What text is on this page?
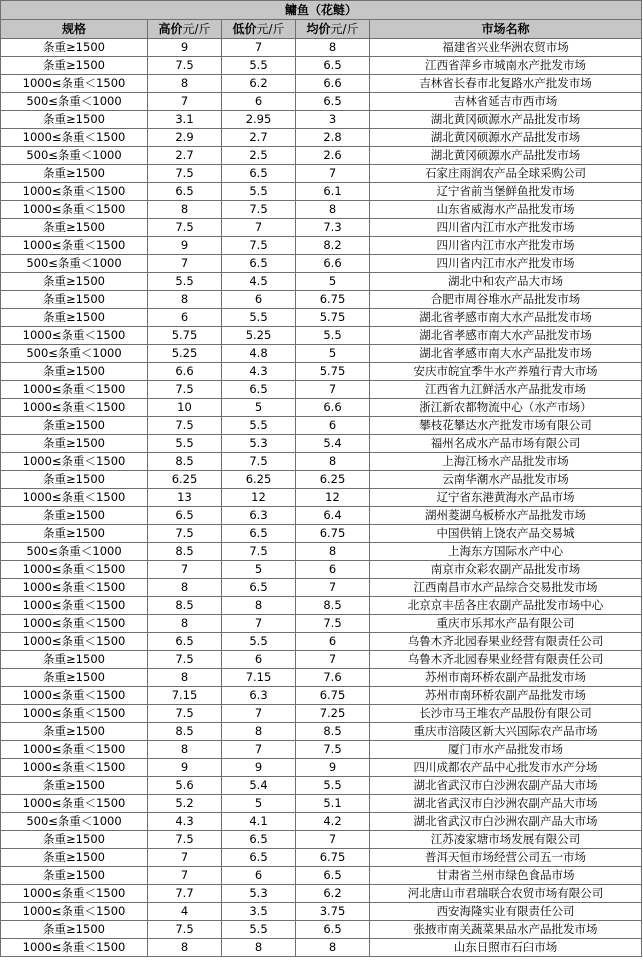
鳙鱼（花鲢）				
规格	高价元/斤	低价元/斤	均价元/斤	市场名称
条重≥1500	9	7	8	福建省兴业华洲农贸市场
条重≥1500	7.5	5.5	6.5	江西省萍乡市城南水产批发市场
1000≤条重＜1500	8	6.2	6.6	吉林省长春市北复路水产批发市场
500≤条重＜1000	7	6	6.5	吉林省延吉市西市场
条重≥1500	3.1	2.95	3	湖北黄冈硕源水产品批发市场
1000≤条重＜1500	2.9	2.7	2.8	湖北黄冈硕源水产品批发市场
500≤条重＜1000	2.7	2.5	2.6	湖北黄冈硕源水产品批发市场
条重≥1500	7.5	6.5	7	石家庄雨润农产品全球采购公司
1000≤条重＜1500	6.5	5.5	6.1	辽宁省前当堡鲜鱼批发市场
1000≤条重＜1500	8	7.5	8	山东省威海水产品批发市场
条重≥1500	7.5	7	7.3	四川省内江市水产批发市场
1000≤条重＜1500	9	7.5	8.2	四川省内江市水产批发市场
500≤条重＜1000	7	6.5	6.6	四川省内江市水产批发市场
条重≥1500	5.5	4.5	5	湖北中和农产品大市场
条重≥1500	8	6	6.75	合肥市周谷堆水产品批发市场
条重≥1500	6	5.5	5.75	湖北省孝感市南大水产品批发市场
1000≤条重＜1500	5.75	5.25	5.5	湖北省孝感市南大水产品批发市场
500≤条重＜1000	5.25	4.8	5	湖北省孝感市南大水产品批发市场
条重≥1500	6.6	4.3	5.75	安庆市皖宜季牛水产养殖行青大市场
1000≤条重＜1500	7.5	6.5	7	江西省九江鲜活水产品批发市场
1000≤条重＜1500	10	5	6.6	浙江新农都物流中心（水产市场）
条重≥1500	7.5	5.5	6	攀枝花攀达水产批发市场有限公司
条重≥1500	5.5	5.3	5.4	福州名成水产品市场有限公司
1000≤条重＜1500	8.5	7.5	8	上海江杨水产品批发市场
条重≥1500	6.25	6.25	6.25	云南华潮水产品批发市场
1000≤条重＜1500	13	12	12	辽宁省东港黄海水产品市场
条重≥1500	6.5	6.3	6.4	湖州菱湖乌板桥水产品批发市场
条重≥1500	7.5	6.5	6.75	中国供销上饶农产品交易城
500≤条重＜1000	8.5	7.5	8	上海东方国际水产中心
1000≤条重＜1500	7	5	6	南京市众彩农副产品批发市场
1000≤条重＜1500	8	6.5	7	江西南昌市水产品综合交易批发市场
1000≤条重＜1500	8.5	8	8.5	北京京丰岳各庄农副产品批发市场中心
1000≤条重＜1500	8	7	7.5	重庆市乐邦水产品有限公司
1000≤条重＜1500	6.5	5.5	6	乌鲁木齐北园春果业经营有限责任公司
条重≥1500	7.5	6	7	乌鲁木齐北园春果业经营有限责任公司
条重≥1500	8	7.15	7.6	苏州市南环桥农副产品批发市场
1000≤条重＜1500	7.15	6.3	6.75	苏州市南环桥农副产品批发市场
1000≤条重＜1500	7.5	7	7.25	长沙市马王堆农产品股份有限公司
条重≥1500	8.5	8	8.5	重庆市涪陵区新大兴国际农产品市场
1000≤条重＜1500	8	7	7.5	厦门市水产品批发市场
1000≤条重＜1500	9	9	9	四川成都农产品中心批发市水产分场
条重≥1500	5.6	5.4	5.5	湖北省武汉市白沙洲农副产品大市场
1000≤条重＜1500	5.2	5	5.1	湖北省武汉市白沙洲农副产品大市场
500≤条重＜1000	4.3	4.1	4.2	湖北省武汉市白沙洲农副产品大市场
条重≥1500	7.5	6.5	7	江苏凌家塘市场发展有限公司
条重≥1500	7	6.5	6.75	普洱天恒市场经营公司五一市场
条重≥1500	7	6	6.5	甘肃省兰州市绿色食品市场
1000≤条重＜1500	7.7	5.3	6.2	河北唐山市君瑞联合农贸市场有限公司
1000≤条重＜1500	4	3.5	3.75	西安海隆实业有限责任公司
条重≥1500	7.5	5.5	6.5	张掖市南关蔬菜果品水产品批发市场
1000≤条重＜1500	8	8	8	山东日照市石臼市场
